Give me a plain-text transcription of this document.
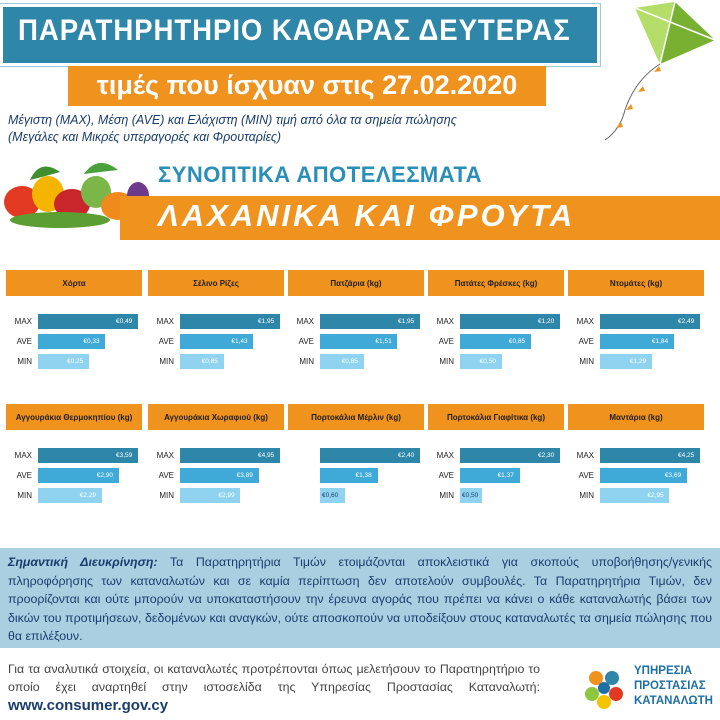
ΠΑΡΑΤΗΡΗΤΗΡΙΟ ΚΑΘΑΡΑΣ ΔΕΥΤΕΡΑΣ
τιμές που ίσχυαν στις 27.02.2020
Μέγιστη (MAX), Μέση (AVE) και Ελάχιστη (MIN) τιμή από όλα τα σημεία πώλησης
(Μεγάλες και Μικρές υπεραγορές και Φρουταρίες)
ΣΥΝΟΠΤΙΚΑ ΑΠΟΤΕΛΕΣΜΑΤΑ
ΛΑΧΑΝΙΚΑ ΚΑΙ ΦΡΟΥΤΑ
Χόρτα
MAX	€0,49
AVE	€0,33
MIN	€0,25
Σέλινο Ρίζες
MAX	€1,95
AVE	€1,43
MIN	€0,85
Πατζάρια (kg)
MAX	€1,95
AVE	€1,51
MIN	€0,85
Πατάτες Φρέσκες (kg)
MAX	€1,20
AVE	€0,85
MIN	€0,50
Ντομάτες (kg)
MAX	€2,49
AVE	€1,84
MIN	€1,29
Αγγουράκια Θερμοκηπίου (kg)
MAX	€3,59
AVE	€2,90
MIN	€2,29
Αγγουράκια Χωραφιού (kg)
MAX	€4,95
AVE	€3,89
MIN	€2,99
Πορτοκάλια Μέρλιν (kg)
€2,40
€1,38
€0,60
Πορτοκάλια Γιαφίτικα (kg)
MAX	€2,30
AVE	€1,37
MIN €0,50
Μαντάρια (kg)
MAX	€4,25
AVE	€3,69
MIN	€2,95
Σημαντική Διευκρίνηση: Τα Παρατηρητήρια Τιμών ετοιμάζονται αποκλειστικά για σκοπούς υποβοήθησης/γενικής πληροφόρησης των καταναλωτών και σε καμία περίπτωση δεν αποτελούν συμβουλές. Τα Παρατηρητήρια Τιμών, δεν προορίζονται και ούτε μπορούν να υποκαταστήσουν την έρευνα αγοράς που πρέπει να κάνει ο κάθε καταναλωτής βάσει των δικών του προτιμήσεων, δεδομένων και αναγκών, ούτε αποσκοπούν να υποδείξουν στους καταναλωτές τα σημεία πώλησης που θα επιλέξουν.
Για τα αναλυτικά στοιχεία, οι καταναλωτές προτρέπονται όπως μελετήσουν το Παρατηρητήριο το οποίο έχει αναρτηθεί στην ιστοσελίδα της Υπηρεσίας Προστασίας Καταναλωτή: www.consumer.gov.cy
ΥΠΗΡΕΣΙΑ
ΠΡΟΣΤΑΣΙΑΣ
ΚΑΤΑΝΑΛΩΤΗ
